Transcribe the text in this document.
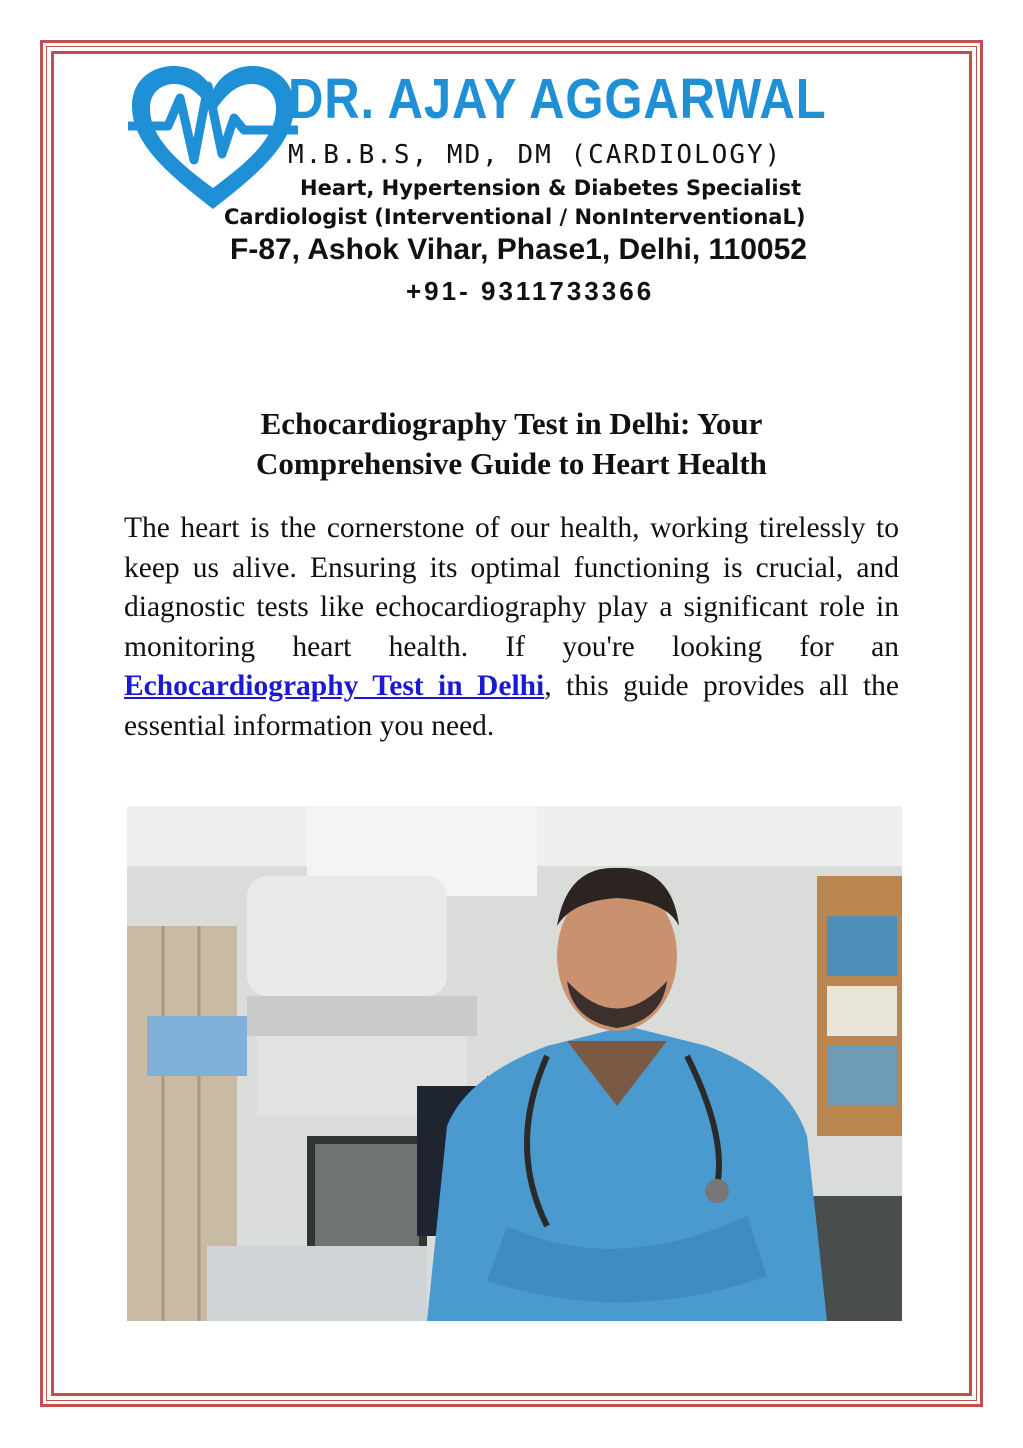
DR. AJAY AGGARWAL
M.B.B.S, MD, DM (CARDIOLOGY)
Heart, Hypertension & Diabetes Specialist
Cardiologist (Interventional / NonInterventionaL)
F-87, Ashok Vihar, Phase1, Delhi, 110052
+91- 9311733366
Echocardiography Test in Delhi: Your
Comprehensive Guide to Heart Health
The heart is the cornerstone of our health, working tirelessly to keep us alive. Ensuring its optimal functioning is crucial, and diagnostic tests like echocardiography play a significant role in monitoring heart health. If you're looking for an Echocardiography Test in Delhi, this guide provides all the essential information you need.
